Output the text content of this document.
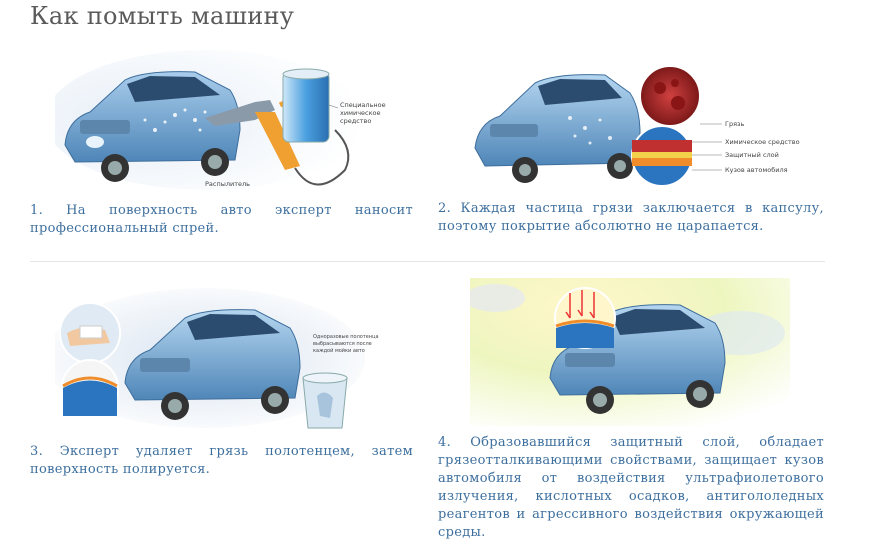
Как помыть машину
Специальное
химическое
средство
Распылитель
1. На поверхность авто эксперт наносит профессиональный спрей.
Грязь
Химическое средство
Защитный слой
Кузов автомобиля
2. Каждая частица грязи заключается в капсулу, поэтому покрытие абсолютно не царапается.
Одноразовые полотенца
выбрасываются после
каждой мойки авто
3. Эксперт удаляет грязь полотенцем, затем поверхность полируется.
4. Образовавшийся защитный слой, обладает грязеотталкивающими свойствами, защищает кузов автомобиля от воздействия ультрафиолетового излучения, кислотных осадков, антигололедных реагентов и агрессивного воздействия окружающей среды.
